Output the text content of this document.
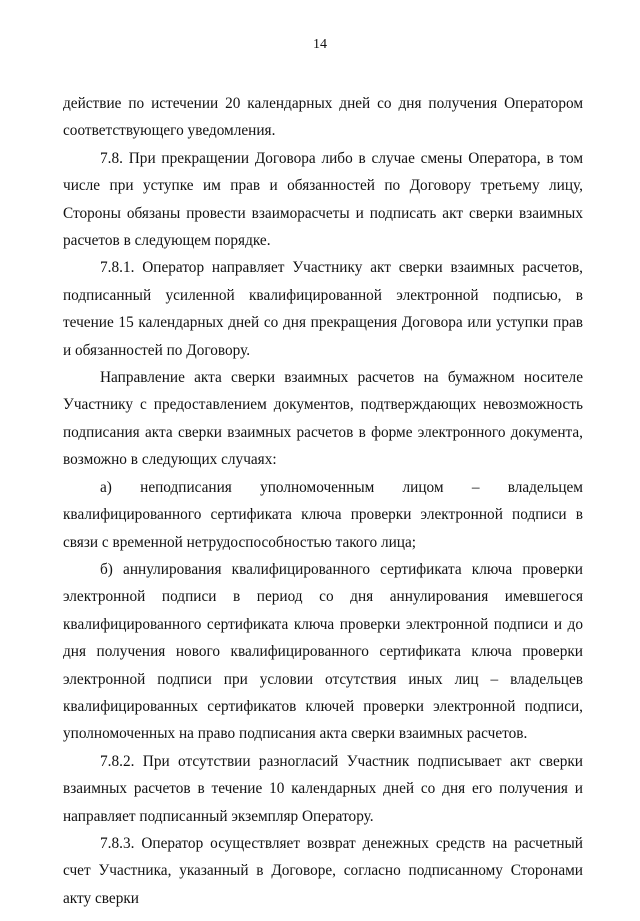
14

действие по истечении 20 календарных дней со дня получения Оператором соответствующего уведомления.

7.8. При прекращении Договора либо в случае смены Оператора, в том числе при уступке им прав и обязанностей по Договору третьему лицу, Стороны обязаны провести взаиморасчеты и подписать акт сверки взаимных расчетов в следующем порядке.

7.8.1. Оператор направляет Участнику акт сверки взаимных расчетов, подписанный усиленной квалифицированной электронной подписью, в течение 15 календарных дней со дня прекращения Договора или уступки прав и обязанностей по Договору.

Направление акта сверки взаимных расчетов на бумажном носителе Участнику с предоставлением документов, подтверждающих невозможность подписания акта сверки взаимных расчетов в форме электронного документа, возможно в следующих случаях:

а) неподписания уполномоченным лицом – владельцем квалифицированного сертификата ключа проверки электронной подписи в связи с временной нетрудоспособностью такого лица;

б) аннулирования квалифицированного сертификата ключа проверки электронной подписи в период со дня аннулирования имевшегося квалифицированного сертификата ключа проверки электронной подписи и до дня получения нового квалифицированного сертификата ключа проверки электронной подписи при условии отсутствия иных лиц – владельцев квалифицированных сертификатов ключей проверки электронной подписи, уполномоченных на право подписания акта сверки взаимных расчетов.

7.8.2. При отсутствии разногласий Участник подписывает акт сверки взаимных расчетов в течение 10 календарных дней со дня его получения и направляет подписанный экземпляр Оператору.

7.8.3. Оператор осуществляет возврат денежных средств на расчетный счет Участника, указанный в Договоре, согласно подписанному Сторонами акту сверки
